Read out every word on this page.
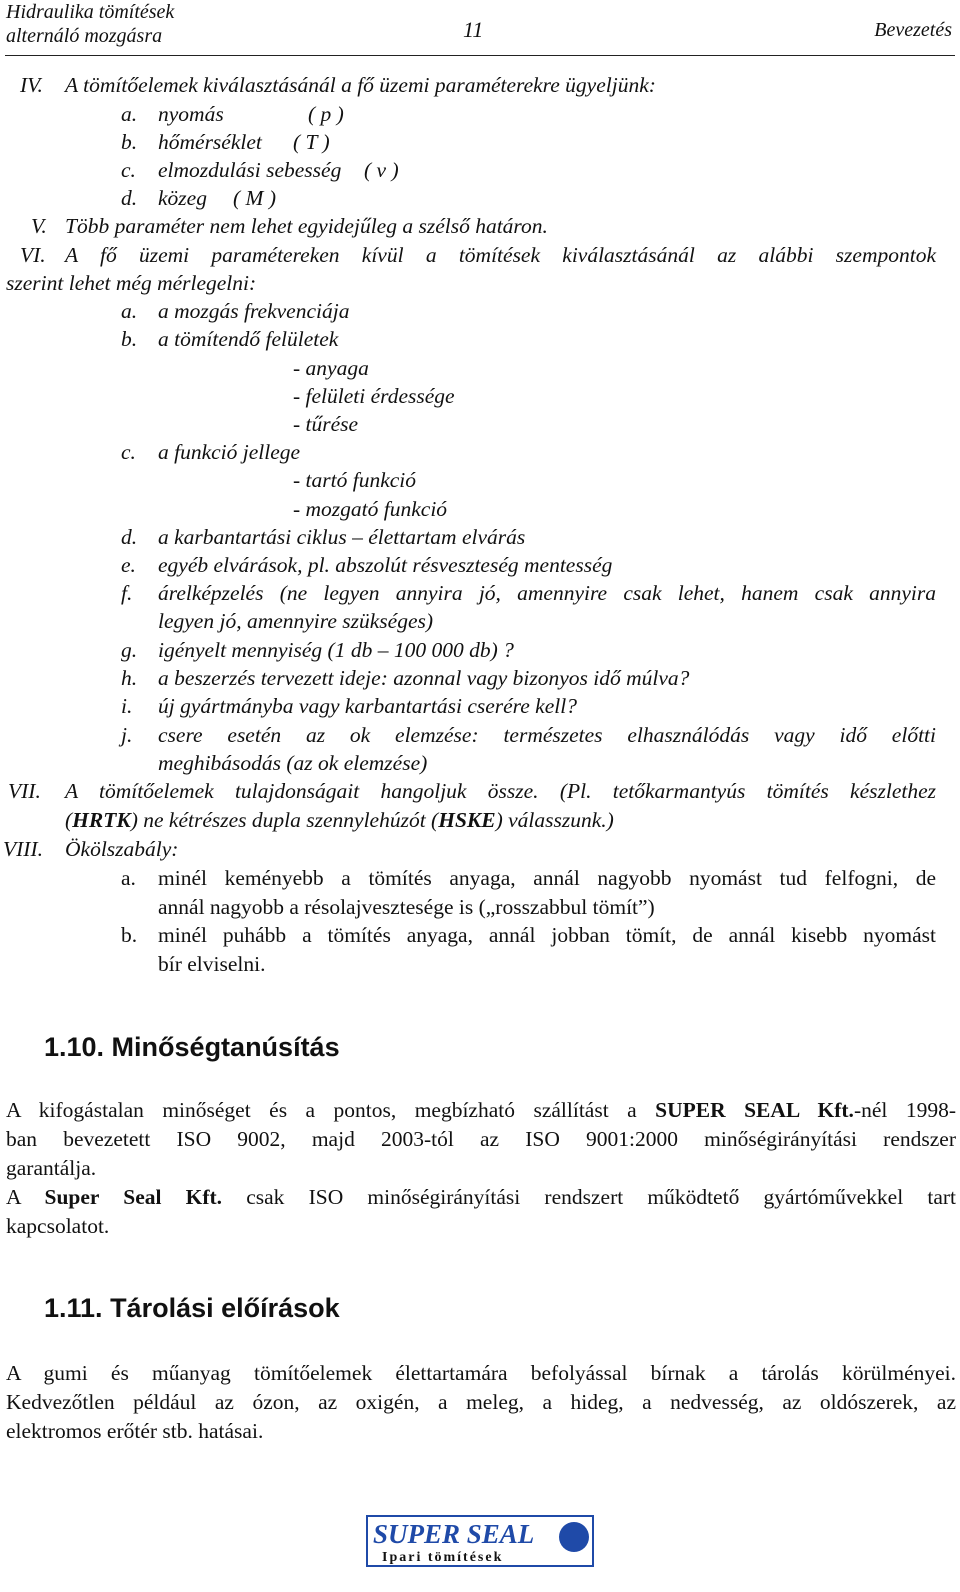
Hidraulika tömítések
alternáló mozgásra	11	Bevezetés
IV. A tömítőelemek kiválasztásánál a fő üzemi paraméterekre ügyeljünk:
a. nyomás	( p )
b. hőmérséklet ( T )
c. elmozdulási sebesség ( v )
d. közeg ( M )
V. Több paraméter nem lehet egyidejűleg a szélső határon.
VI. A fő üzemi paramétereken kívül a tömítések kiválasztásánál az alábbi szempontok
szerint lehet még mérlegelni:
a. a mozgás frekvenciája
b. a tömítendő felületek
- anyaga
- felületi érdessége
- tűrése
c. a funkció jellege
- tartó funkció
- mozgató funkció
d. a karbantartási ciklus – élettartam elvárás
e. egyéb elvárások, pl. abszolút résveszteség mentesség
f. árelképzelés (ne legyen annyira jó, amennyire csak lehet, hanem csak annyira
legyen jó, amennyire szükséges)
g. igényelt mennyiség (1 db – 100 000 db) ?
h. a beszerzés tervezett ideje: azonnal vagy bizonyos idő múlva?
i. új gyártmányba vagy karbantartási cserére kell?
j. csere esetén az ok elemzése: természetes elhasználódás vagy idő előtti
meghibásodás (az ok elemzése)
VII. A tömítőelemek tulajdonságait hangoljuk össze. (Pl. tetőkarmantyús tömítés készlethez
(HRTK) ne kétrészes dupla szennylehúzót (HSKE) válasszunk.)
VIII. Ökölszabály:
a. minél keményebb a tömítés anyaga, annál nagyobb nyomást tud felfogni, de
annál nagyobb a résolajvesztesége is („rosszabbul tömít”)
b. minél puhább a tömítés anyaga, annál jobban tömít, de annál kisebb nyomást
bír elviselni.
1.10. Minőségtanúsítás
A kifogástalan minőséget és a pontos, megbízható szállítást a SUPER SEAL Kft.-nél 1998-
ban bevezetett ISO 9002, majd 2003-tól az ISO 9001:2000 minőségirányítási rendszer
garantálja.
A Super Seal Kft. csak ISO minőségirányítási rendszert működtető gyártóművekkel tart
kapcsolatot.
1.11. Tárolási előírások
A gumi és műanyag tömítőelemek élettartamára befolyással bírnak a tárolás körülményei.
Kedvezőtlen például az ózon, az oxigén, a meleg, a hideg, a nedvesség, az oldószerek, az
elektromos erőtér stb. hatásai.
SUPER SEAL
Ipari tömítések
